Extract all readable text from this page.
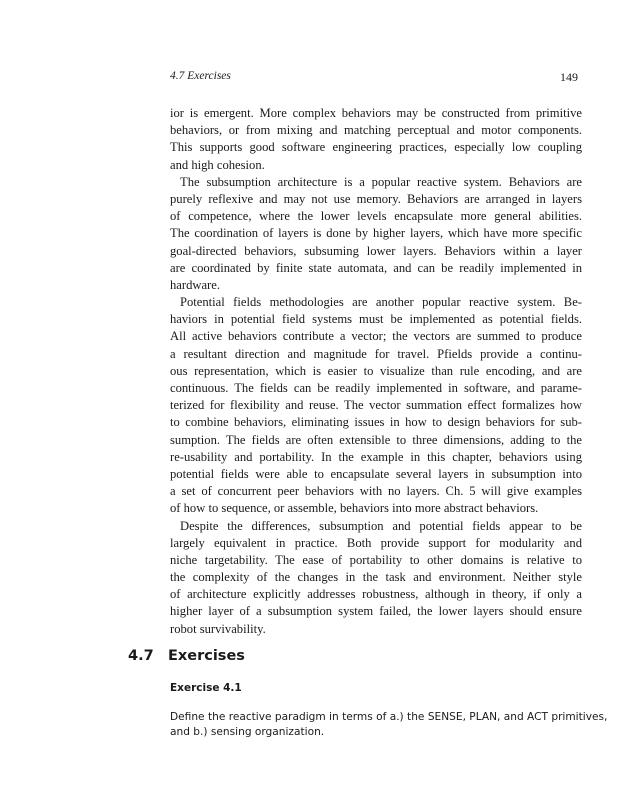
4.7 Exercises	149
ior is emergent. More complex behaviors may be constructed from primitive
behaviors, or from mixing and matching perceptual and motor components.
This supports good software engineering practices, especially low coupling
and high cohesion.
The subsumption architecture is a popular reactive system. Behaviors are
purely reflexive and may not use memory. Behaviors are arranged in layers
of competence, where the lower levels encapsulate more general abilities.
The coordination of layers is done by higher layers, which have more specific
goal-directed behaviors, subsuming lower layers. Behaviors within a layer
are coordinated by finite state automata, and can be readily implemented in
hardware.
Potential fields methodologies are another popular reactive system. Be-
haviors in potential field systems must be implemented as potential fields.
All active behaviors contribute a vector; the vectors are summed to produce
a resultant direction and magnitude for travel. Pfields provide a continu-
ous representation, which is easier to visualize than rule encoding, and are
continuous. The fields can be readily implemented in software, and parame-
terized for flexibility and reuse. The vector summation effect formalizes how
to combine behaviors, eliminating issues in how to design behaviors for sub-
sumption. The fields are often extensible to three dimensions, adding to the
re-usability and portability. In the example in this chapter, behaviors using
potential fields were able to encapsulate several layers in subsumption into
a set of concurrent peer behaviors with no layers. Ch. 5 will give examples
of how to sequence, or assemble, behaviors into more abstract behaviors.
Despite the differences, subsumption and potential fields appear to be
largely equivalent in practice. Both provide support for modularity and
niche targetability. The ease of portability to other domains is relative to
the complexity of the changes in the task and environment. Neither style
of architecture explicitly addresses robustness, although in theory, if only a
higher layer of a subsumption system failed, the lower layers should ensure
robot survivability.
4.7 Exercises
Exercise 4.1
Define the reactive paradigm in terms of a.) the SENSE, PLAN, and ACT primitives,
and b.) sensing organization.
